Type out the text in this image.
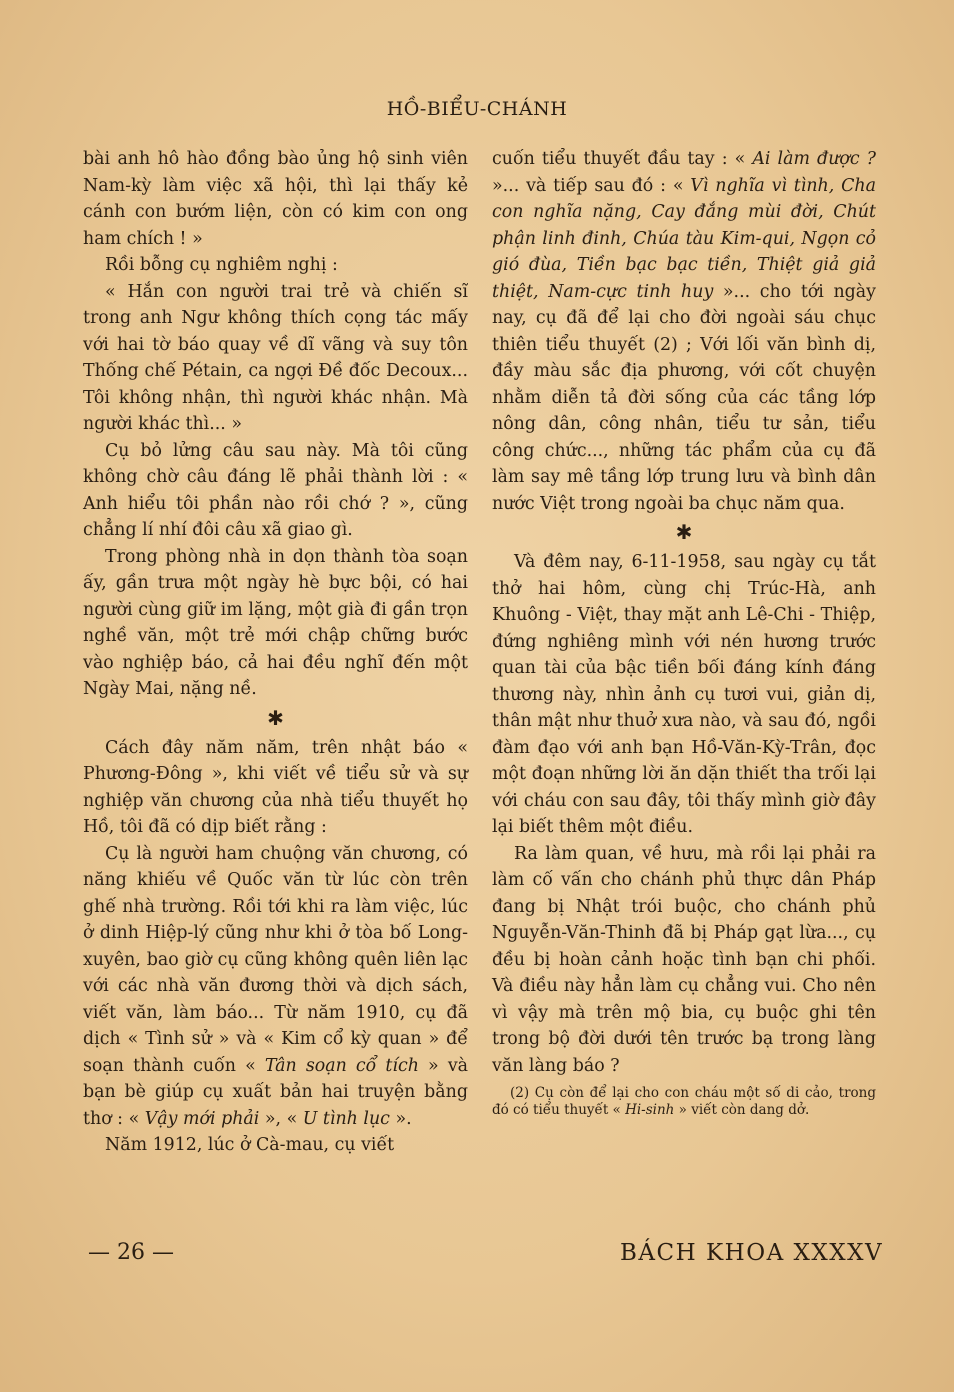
HỒ-BIỂU-CHÁNH

bài anh hô hào đồng bào ủng hộ sinh viên Nam-kỳ làm việc xã hội, thì lại thấy kẻ cánh con bướm liện, còn có kim con ong ham chích ! »

Rồi bỗng cụ nghiêm nghị :

« Hắn con người trai trẻ và chiến sĩ trong anh Ngư không thích cọng tác mấy với hai tờ báo quay về dĩ vãng và suy tôn Thống chế Pétain, ca ngợi Đề đốc Decoux... Tôi không nhận, thì người khác nhận. Mà người khác thì... »

Cụ bỏ lửng câu sau này. Mà tôi cũng không chờ câu đáng lẽ phải thành lời : « Anh hiểu tôi phần nào rồi chớ ? », cũng chẳng lí nhí đôi câu xã giao gì.

Trong phòng nhà in dọn thành tòa soạn ấy, gần trưa một ngày hè bực bội, có hai người cùng giữ im lặng, một già đi gần trọn nghề văn, một trẻ mới chập chững bước vào nghiệp báo, cả hai đều nghĩ đến một Ngày Mai, nặng nề.

✱

Cách đây năm năm, trên nhật báo « Phương-Đông », khi viết về tiểu sử và sự nghiệp văn chương của nhà tiểu thuyết họ Hồ, tôi đã có dịp biết rằng :

Cụ là người ham chuộng văn chương, có năng khiếu về Quốc văn từ lúc còn trên ghế nhà trường. Rồi tới khi ra làm việc, lúc ở dinh Hiệp-lý cũng như khi ở tòa bố Long-xuyên, bao giờ cụ cũng không quên liên lạc với các nhà văn đương thời và dịch sách, viết văn, làm báo... Từ năm 1910, cụ đã dịch « Tình sử » và « Kim cổ kỳ quan » để soạn thành cuốn « Tân soạn cổ tích » và bạn bè giúp cụ xuất bản hai truyện bằng thơ : « Vậy mới phải », « U tình lục ».

Năm 1912, lúc ở Cà-mau, cụ viết

cuốn tiểu thuyết đầu tay : « Ai làm được ? »... và tiếp sau đó : « Vì nghĩa vì tình, Cha con nghĩa nặng, Cay đắng mùi đời, Chút phận linh đinh, Chúa tàu Kim-qui, Ngọn cỏ gió đùa, Tiền bạc bạc tiền, Thiệt giả giả thiệt, Nam-cực tinh huy »... cho tới ngày nay, cụ đã để lại cho đời ngoài sáu chục thiên tiểu thuyết (2) ; Với lối văn bình dị, đầy màu sắc địa phương, với cốt chuyện nhằm diễn tả đời sống của các tầng lớp nông dân, công nhân, tiểu tư sản, tiểu công chức..., những tác phẩm của cụ đã làm say mê tầng lớp trung lưu và bình dân nước Việt trong ngoài ba chục năm qua.

✱

Và đêm nay, 6-11-1958, sau ngày cụ tắt thở hai hôm, cùng chị Trúc-Hà, anh Khuông - Việt, thay mặt anh Lê-Chi - Thiệp, đứng nghiêng mình với nén hương trước quan tài của bậc tiền bối đáng kính đáng thương này, nhìn ảnh cụ tươi vui, giản dị, thân mật như thuở xưa nào, và sau đó, ngồi đàm đạo với anh bạn Hồ-Văn-Kỳ-Trân, đọc một đoạn những lời ăn dặn thiết tha trối lại với cháu con sau đây, tôi thấy mình giờ đây lại biết thêm một điều.

Ra làm quan, về hưu, mà rồi lại phải ra làm cố vấn cho chánh phủ thực dân Pháp đang bị Nhật trói buộc, cho chánh phủ Nguyễn-Văn-Thinh đã bị Pháp gạt lừa..., cụ đều bị hoàn cảnh hoặc tình bạn chi phối. Và điều này hẳn làm cụ chẳng vui. Cho nên vì vậy mà trên mộ bia, cụ buộc ghi tên trong bộ đời dưới tên trước bạ trong làng văn làng báo ?

(2) Cụ còn để lại cho con cháu một số di cảo, trong đó có tiểu thuyết « Hi-sinh » viết còn dang dở.

— 26 —	BÁCH KHOA XXXXV
